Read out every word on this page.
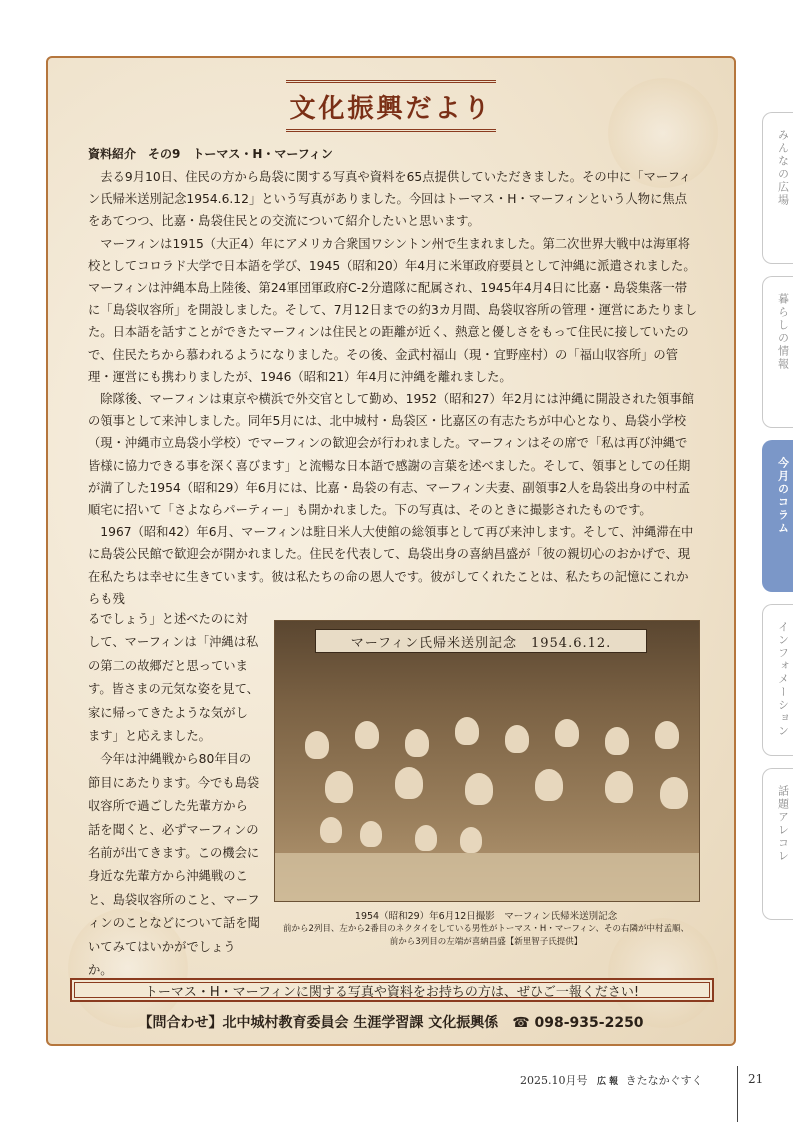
文化振興だより
資料紹介　その9　トーマス・H・マーフィン

去る9月10日、住民の方から島袋に関する写真や資料を65点提供していただきました。その中に「マーフィン氏帰米送別記念1954.6.12」という写真がありました。今回はトーマス・H・マーフィンという人物に焦点をあてつつ、比嘉・島袋住民との交流について紹介したいと思います。

マーフィンは1915（大正4）年にアメリカ合衆国ワシントン州で生まれました。第二次世界大戦中は海軍将校としてコロラド大学で日本語を学び、1945（昭和20）年4月に米軍政府要員として沖縄に派遣されました。マーフィンは沖縄本島上陸後、第24軍団軍政府C-2分遣隊に配属され、1945年4月4日に比嘉・島袋集落一帯に「島袋収容所」を開設しました。そして、7月12日までの約3カ月間、島袋収容所の管理・運営にあたりました。日本語を話すことができたマーフィンは住民との距離が近く、熱意と優しさをもって住民に接していたので、住民たちから慕われるようになりました。その後、金武村福山（現・宜野座村）の「福山収容所」の管理・運営にも携わりましたが、1946（昭和21）年4月に沖縄を離れました。

除隊後、マーフィンは東京や横浜で外交官として勤め、1952（昭和27）年2月には沖縄に開設された領事館の領事として来沖しました。同年5月には、北中城村・島袋区・比嘉区の有志たちが中心となり、島袋小学校（現・沖縄市立島袋小学校）でマーフィンの歓迎会が行われました。マーフィンはその席で「私は再び沖縄で皆様に協力できる事を深く喜びます」と流暢な日本語で感謝の言葉を述べました。そして、領事としての任期が満了した1954（昭和29）年6月には、比嘉・島袋の有志、マーフィン夫妻、副領事2人を島袋出身の中村孟順宅に招いて「さよならパーティー」も開かれました。下の写真は、そのときに撮影されたものです。

1967（昭和42）年6月、マーフィンは駐日米人大使館の総領事として再び来沖します。そして、沖縄滞在中に島袋公民館で歓迎会が開かれました。住民を代表して、島袋出身の喜納昌盛が「彼の親切心のおかげで、現在私たちは幸せに生きています。彼は私たちの命の恩人です。彼がしてくれたことは、私たちの記憶にこれからも残

るでしょう」と述べたのに対して、マーフィンは「沖縄は私の第二の故郷だと思っています。皆さまの元気な姿を見て、家に帰ってきたような気がします」と応えました。

今年は沖縄戦から80年目の節目にあたります。今でも島袋収容所で過ごした先輩方から話を聞くと、必ずマーフィンの名前が出てきます。この機会に身近な先輩方から沖縄戦のこと、島袋収容所のこと、マーフィンのことなどについて話を聞いてみてはいかがでしょうか。

マーフィン氏帰米送別記念　1954.6.12.
1954（昭和29）年6月12日撮影　マーフィン氏帰米送別記念
前から2列目、左から2番目のネクタイをしている男性がトーマス・H・マーフィン、その右隣が中村孟順、
前から3列目の左端が喜納昌盛【新里智子氏提供】
トーマス・H・マーフィンに関する写真や資料をお持ちの方は、ぜひご一報ください!
【問合わせ】北中城村教育委員会 生涯学習課 文化振興係　☎ 098-935-2250
みんなの広場
暮らしの情報
今月のコラム
インフォメーション
話題アレコレ
2025.10月号 広 報 きたなかぐすく	21
